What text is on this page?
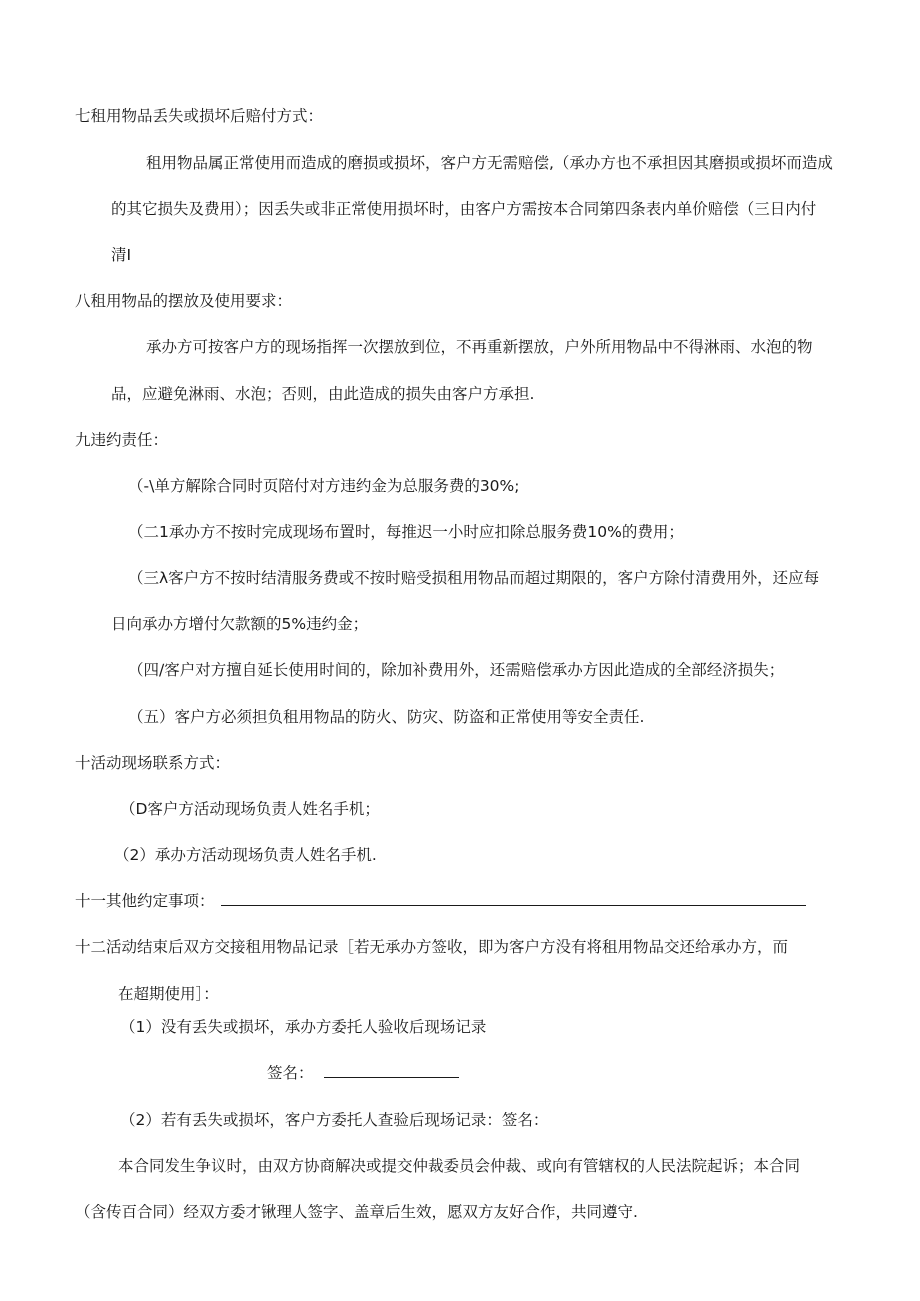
七租用物品丢失或损坏后赔付方式：
租用物品属正常使用而造成的磨损或损坏，客户方无需赔偿,（承办方也不承担因其磨损或损坏而造成
的其它损失及费用）；因丢失或非正常使用损坏时，由客户方需按本合同第四条表内单价赔偿（三日内付
清I
八租用物品的摆放及使用要求：
承办方可按客户方的现场指挥一次摆放到位，不再重新摆放，户外所用物品中不得淋雨、水泡的物
品，应避免淋雨、水泡；否则，由此造成的损失由客户方承担.
九违约责任：
（-\单方解除合同时页陪付对方违约金为总服务费的30%;
（二1承办方不按时完成现场布置时，每推迟一小时应扣除总服务费10%的费用；
（三λ客户方不按时结清服务费或不按时赔受损租用物品而超过期限的，客户方除付清费用外，还应每
日向承办方增付欠款额的5%违约金；
（四∕客户对方擅自延长使用时间的，除加补费用外，还需赔偿承办方因此造成的全部经济损失；
（五）客户方必须担负租用物品的防火、防灾、防盗和正常使用等安全责任.
十活动现场联系方式：
（D客户方活动现场负责人姓名手机；
（2）承办方活动现场负责人姓名手机.
十一其他约定事项：
十二活动结束后双方交接租用物品记录［若无承办方签收，即为客户方没有将租用物品交还给承办方，而
在超期使用］：
（1）没有丢失或损坏，承办方委托人验收后现场记录
签名：
（2）若有丢失或损坏，客户方委托人查验后现场记录：签名：
本合同发生争议时，由双方协商解决或提交仲裁委员会仲裁、或向有管辖权的人民法院起诉；本合同
（含传百合同）经双方委才锹理人签字、盖章后生效，愿双方友好合作，共同遵守.
